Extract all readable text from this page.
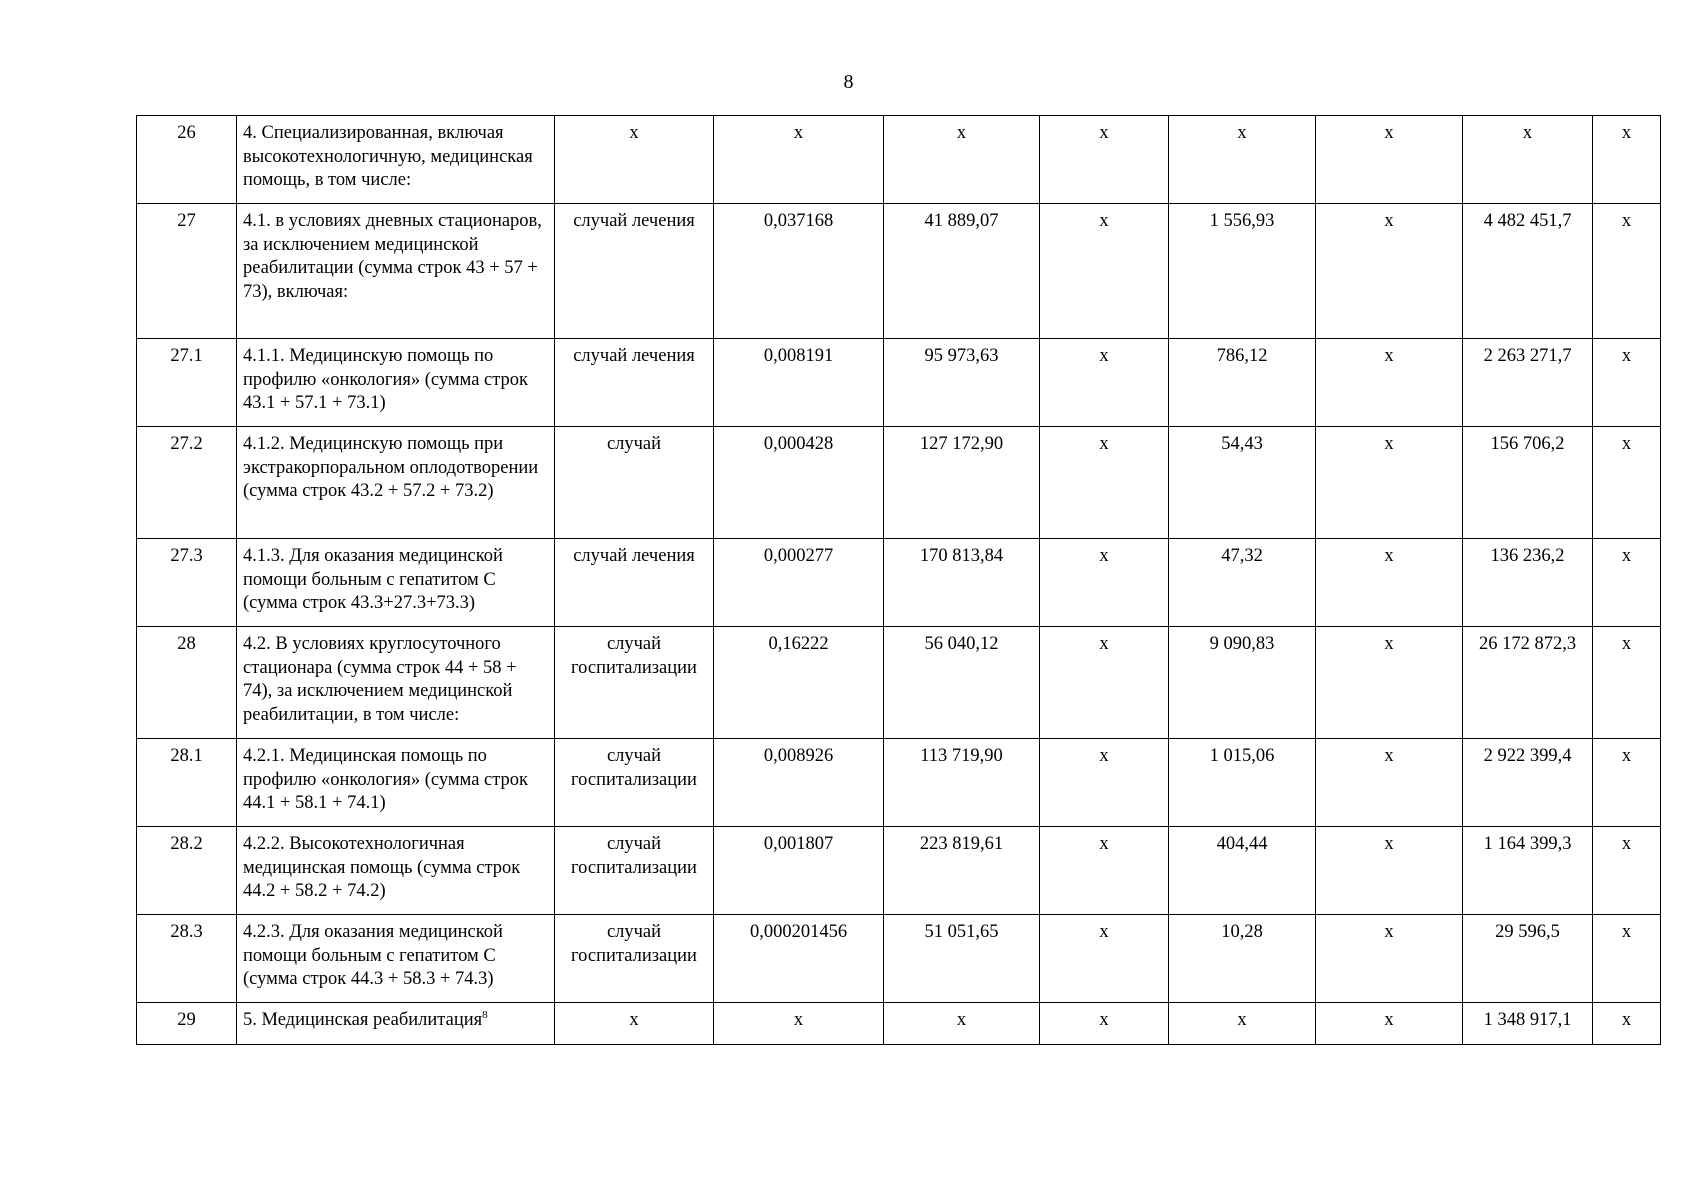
8
26	4. Специализированная, включая высокотехнологичную, медицинская помощь, в том числе:	x	x	x	x	x	x	x	x
27	4.1. в условиях дневных стационаров, за исключением медицинской реабилитации (сумма строк 43 + 57 + 73), включая:	случай лечения	0,037168	41 889,07	x	1 556,93	x	4 482 451,7	x
27.1	4.1.1. Медицинскую помощь по профилю «онкология» (сумма строк 43.1 + 57.1 + 73.1)	случай лечения	0,008191	95 973,63	x	786,12	x	2 263 271,7	x
27.2	4.1.2. Медицинскую помощь при экстракорпоральном оплодотворении (сумма строк 43.2 + 57.2 + 73.2)	случай	0,000428	127 172,90	x	54,43	x	156 706,2	x
27.3	4.1.3. Для оказания медицинской помощи больным с гепатитом С (сумма строк 43.3+27.3+73.3)	случай лечения	0,000277	170 813,84	x	47,32	x	136 236,2	x
28	4.2. В условиях круглосуточного стационара (сумма строк 44 + 58 + 74), за исключением медицинской реабилитации, в том числе:	случай госпитализации	0,16222	56 040,12	x	9 090,83	x	26 172 872,3	x
28.1	4.2.1. Медицинская помощь по профилю «онкология» (сумма строк 44.1 + 58.1 + 74.1)	случай госпитализации	0,008926	113 719,90	x	1 015,06	x	2 922 399,4	x
28.2	4.2.2. Высокотехнологичная медицинская помощь (сумма строк 44.2 + 58.2 + 74.2)	случай госпитализации	0,001807	223 819,61	x	404,44	x	1 164 399,3	x
28.3	4.2.3. Для оказания медицинской помощи больным с гепатитом С (сумма строк 44.3 + 58.3 + 74.3)	случай госпитализации	0,000201456	51 051,65	x	10,28	x	29 596,5	x
29	5. Медицинская реабилитация$^8$	x	x	x	x	x	x	1 348 917,1	x
